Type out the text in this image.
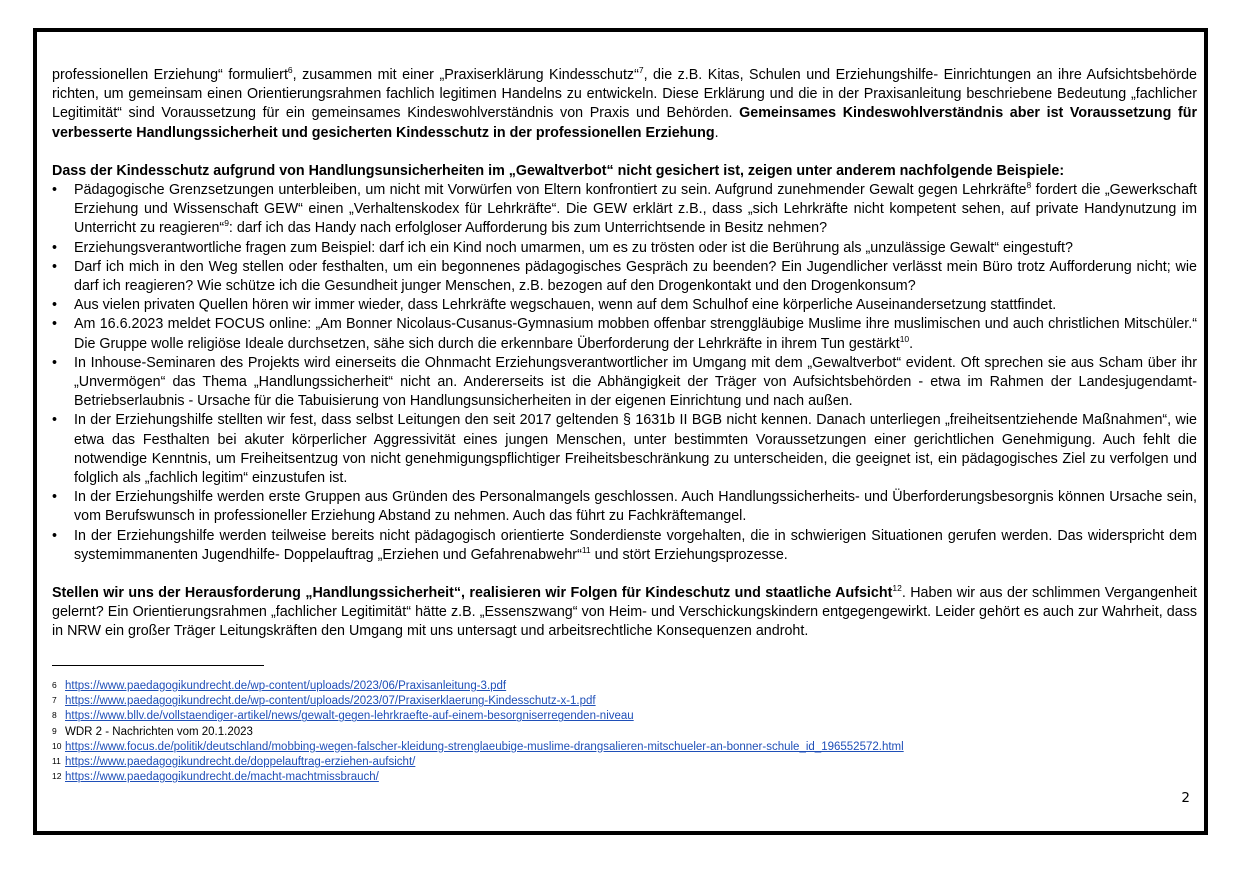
professionellen Erziehung“ formuliert$^6$, zusammen mit einer „Praxiserklärung Kindesschutz“$^7$, die z.B. Kitas, Schulen und Erziehungshilfe- Einrichtungen an ihre Aufsichtsbehörde richten, um gemeinsam einen Orientierungsrahmen fachlich legitimen Handelns zu entwickeln. Diese Erklärung und die in der Praxisanleitung beschriebene Bedeutung „fachlicher Legitimität“ sind Voraussetzung für ein gemeinsames Kindeswohlverständnis von Praxis und Behörden. Gemeinsames Kindeswohlverständnis aber ist Voraussetzung für verbesserte Handlungssicherheit und gesicherten Kindesschutz in der professionellen Erziehung.

Dass der Kindesschutz aufgrund von Handlungsunsicherheiten im „Gewaltverbot“ nicht gesichert ist, zeigen unter anderem nachfolgende Beispiele:

• Pädagogische Grenzsetzungen unterbleiben, um nicht mit Vorwürfen von Eltern konfrontiert zu sein. Aufgrund zunehmender Gewalt gegen Lehrkräfte$^8$ fordert die „Gewerkschaft Erziehung und Wissenschaft GEW“ einen „Verhaltenskodex für Lehrkräfte“. Die GEW erklärt z.B., dass „sich Lehrkräfte nicht kompetent sehen, auf private Handynutzung im Unterricht zu reagieren“$^9$: darf ich das Handy nach erfolgloser Aufforderung bis zum Unterrichtsende in Besitz nehmen?
• Erziehungsverantwortliche fragen zum Beispiel: darf ich ein Kind noch umarmen, um es zu trösten oder ist die Berührung als „unzulässige Gewalt“ eingestuft?
• Darf ich mich in den Weg stellen oder festhalten, um ein begonnenes pädagogisches Gespräch zu beenden? Ein Jugendlicher verlässt mein Büro trotz Aufforderung nicht; wie darf ich reagieren? Wie schütze ich die Gesundheit junger Menschen, z.B. bezogen auf den Drogenkontakt und den Drogenkonsum?
• Aus vielen privaten Quellen hören wir immer wieder, dass Lehrkräfte wegschauen, wenn auf dem Schulhof eine körperliche Auseinandersetzung stattfindet.
• Am 16.6.2023 meldet FOCUS online: „Am Bonner Nicolaus-Cusanus-Gymnasium mobben offenbar strenggläubige Muslime ihre muslimischen und auch christlichen Mitschüler.“ Die Gruppe wolle religiöse Ideale durchsetzen, sähe sich durch die erkennbare Überforderung der Lehrkräfte in ihrem Tun gestärkt$^{10}$.
• In Inhouse-Seminaren des Projekts wird einerseits die Ohnmacht Erziehungsverantwortlicher im Umgang mit dem „Gewaltverbot“ evident. Oft sprechen sie aus Scham über ihr „Unvermögen“ das Thema „Handlungssicherheit“ nicht an. Andererseits ist die Abhängigkeit der Träger von Aufsichtsbehörden - etwa im Rahmen der Landesjugendamt- Betriebserlaubnis - Ursache für die Tabuisierung von Handlungsunsicherheiten in der eigenen Einrichtung und nach außen.
• In der Erziehungshilfe stellten wir fest, dass selbst Leitungen den seit 2017 geltenden § 1631b II BGB nicht kennen. Danach unterliegen „freiheitsentziehende Maßnahmen“, wie etwa das Festhalten bei akuter körperlicher Aggressivität eines jungen Menschen, unter bestimmten Voraussetzungen einer gerichtlichen Genehmigung. Auch fehlt die notwendige Kenntnis, um Freiheitsentzug von nicht genehmigungspflichtiger Freiheitsbeschränkung zu unterscheiden, die geeignet ist, ein pädagogisches Ziel zu verfolgen und folglich als „fachlich legitim“ einzustufen ist.
• In der Erziehungshilfe werden erste Gruppen aus Gründen des Personalmangels geschlossen. Auch Handlungssicherheits- und Überforderungsbesorgnis können Ursache sein, vom Berufswunsch in professioneller Erziehung Abstand zu nehmen. Auch das führt zu Fachkräftemangel.
• In der Erziehungshilfe werden teilweise bereits nicht pädagogisch orientierte Sonderdienste vorgehalten, die in schwierigen Situationen gerufen werden. Das widerspricht dem systemimmanenten Jugendhilfe- Doppelauftrag „Erziehen und Gefahrenabwehr“$^{11}$ und stört Erziehungsprozesse.

Stellen wir uns der Herausforderung „Handlungssicherheit“, realisieren wir Folgen für Kindeschutz und staatliche Aufsicht$^{12}$. Haben wir aus der schlimmen Vergangenheit gelernt? Ein Orientierungsrahmen „fachlicher Legitimität“ hätte z.B. „Essenszwang“ von Heim- und Verschickungskindern entgegengewirkt. Leider gehört es auch zur Wahrheit, dass in NRW ein großer Träger Leitungskräften den Umgang mit uns untersagt und arbeitsrechtliche Konsequenzen androht.

6 https://www.paedagogikundrecht.de/wp-content/uploads/2023/06/Praxisanleitung-3.pdf
7 https://www.paedagogikundrecht.de/wp-content/uploads/2023/07/Praxiserklaerung-Kindesschutz-x-1.pdf
8 https://www.bllv.de/vollstaendiger-artikel/news/gewalt-gegen-lehrkraefte-auf-einem-besorgniserregenden-niveau
9 WDR 2 - Nachrichten vom 20.1.2023
10 https://www.focus.de/politik/deutschland/mobbing-wegen-falscher-kleidung-strenglaeubige-muslime-drangsalieren-mitschueler-an-bonner-schule_id_196552572.html
11 https://www.paedagogikundrecht.de/doppelauftrag-erziehen-aufsicht/
12 https://www.paedagogikundrecht.de/macht-machtmissbrauch/
2
